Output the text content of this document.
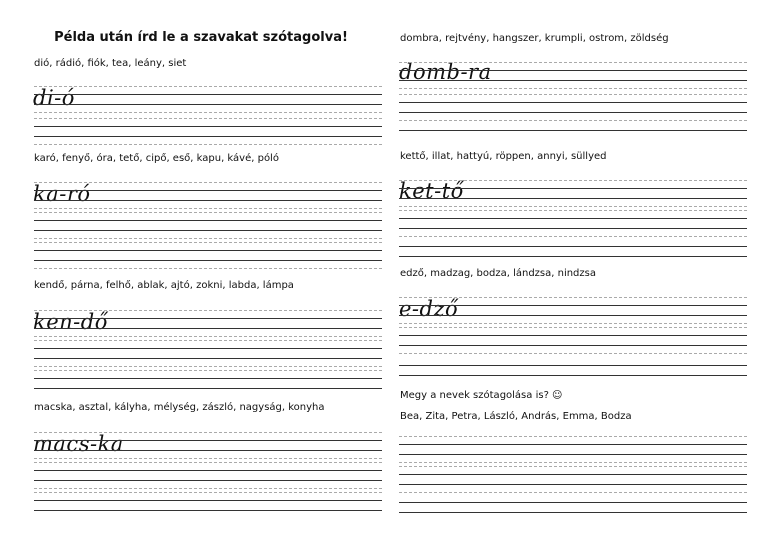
Példa után írd le a szavakat szótagolva!
dió, rádió, fiók, tea, leány, siet
di-ó
karó, fenyő, óra, tető, cipő, eső, kapu, kávé, póló
ka-ró
kendő, párna, felhő, ablak, ajtó, zokni, labda, lámpa
ken-dő
macska, asztal, kályha, mélység, zászló, nagyság, konyha
macs-ka
dombra, rejtvény, hangszer, krumpli, ostrom, zöldség
domb-ra
kettő, illat, hattyú, röppen, annyi, süllyed
ket-tő
edző, madzag, bodza, lándzsa, nindzsa
e-dző
Megy a nevek szótagolása is? ☺
Bea, Zita, Petra, László, András, Emma, Bodza
